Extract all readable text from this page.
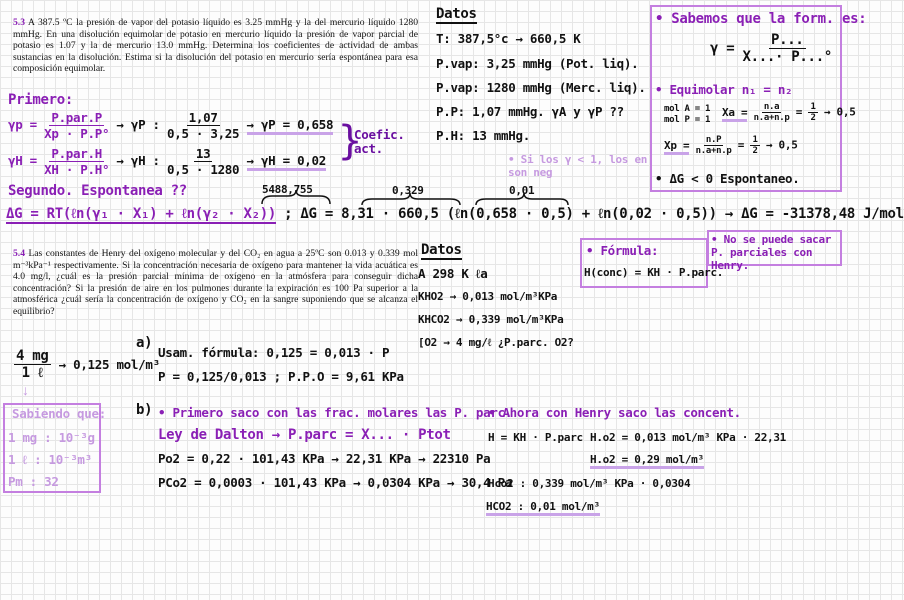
5.3 A 387.5 ºC la presión de vapor del potasio líquido es 3.25 mmHg y la del mercurio líquido 1280 mmHg. En una disolución equimolar de potasio en mercurio líquido la presión de vapor parcial de potasio es 1.07 y la de mercurio 13.0 mmHg. Determina los coeficientes de actividad de ambas sustancias en la disolución. Estima si la disolución del potasio en mercurio sería espontánea para esa composición equimolar.
Datos
T: 387,5°c → 660,5 K
P.vap: 3,25 mmHg (Pot. liq).
P.vap: 1280 mmHg (Merc. liq).
P.P: 1,07 mmHg. γA y γP ??
P.H: 13 mmHg.
• Si los γ < 1, los en son neg
• Sabemos que la form. es:
$\gamma = \frac{P...}{X...\cdot P...^\circ}$
• Equimolar n₁ = n₂
mol A = 1
mol P = 1
$Xa = \frac{n.a}{n.a+n.p} = \frac{1}{2} \to 0,5$
$Xp = \frac{n.P}{n.a+n.p} = \frac{1}{2} \to 0,5$
• ΔG < 0 Espontaneo.
Primero:
$\gamma p = \frac{\text{P.par.P}}{Xp \cdot P.P^\circ} \to \gamma P$ : $\frac{1,07}{0,5 \cdot 3,25} \to \gamma P = 0,658$
$\gamma H = \frac{\text{P.par.H}}{XH \cdot P.H^\circ} \to \gamma H$ : $\frac{13}{0,5 \cdot 1280} \to \gamma H = 0,02$ }
Coefic. act.
Segundo. Espontanea ??	5488,755	0,329	0,01
ΔG = RT(ℓn(γ₁ · X₁) + ℓn(γ₂ · X₂)) ; ΔG = 8,31 · 660,5 (ℓn(0,658 · 0,5) + ℓn(0,02 · 0,5)) → ΔG = -31378,48 J/mol
5.4 Las constantes de Henry del oxígeno molecular y del CO₂ en agua a 25ºC son 0.013 y 0.339 mol m⁻³kPa⁻¹ respectivamente. Si la concentración necesaria de oxígeno para mantener la vida acuática es 4.0 mg/l, ¿cuál es la presión parcial mínima de oxígeno en la atmósfera para conseguir dicha concentración? Si la presión de aire en los pulmones durante la expiración es 100 Pa superior a la atmosférica ¿cuál sería la concentración de oxígeno y CO₂ en la sangre suponiendo que se alcanza el equilibrio?
Datos
A 298 K ℓa
KHO2 → 0,013 mol/m³KPa
KHCO2 → 0,339 mol/m³KPa
[O2 → 4 mg/ℓ ¿P.parc. O2?
• Fórmula:
H(conc) = KH · P.parc.
• No se puede sacar P. parciales con Henry.
$\frac{4 mg}{\text{1 ℓ}} \to 0,125$ mol/m³
↓
a)
Usam. fórmula: 0,125 = 0,013 · P
P = 0,125/0,013 ; P.P.O = 9,61 KPa
Sabiendo que:
1 mg : 10⁻³g
1 ℓ : 10⁻³m³
Pm : 32
b) • Primero saco con las frac. molares las P. parc.
Ley de Dalton → P.parc = X... · Ptot
Po2 = 0,22 · 101,43 KPa → 22,31 KPa → 22310 Pa
PCo2 = 0,0003 · 101,43 KPa → 0,0304 KPa → 30,4 Pa
• Ahora con Henry saco las concent.
H = KH · P.parc H.o2 = 0,013 mol/m³ KPa · 22,31
H.o2 = 0,29 mol/m³
Hco2 : 0,339 mol/m³ KPa · 0,0304
HCO2 : 0,01 mol/m³
